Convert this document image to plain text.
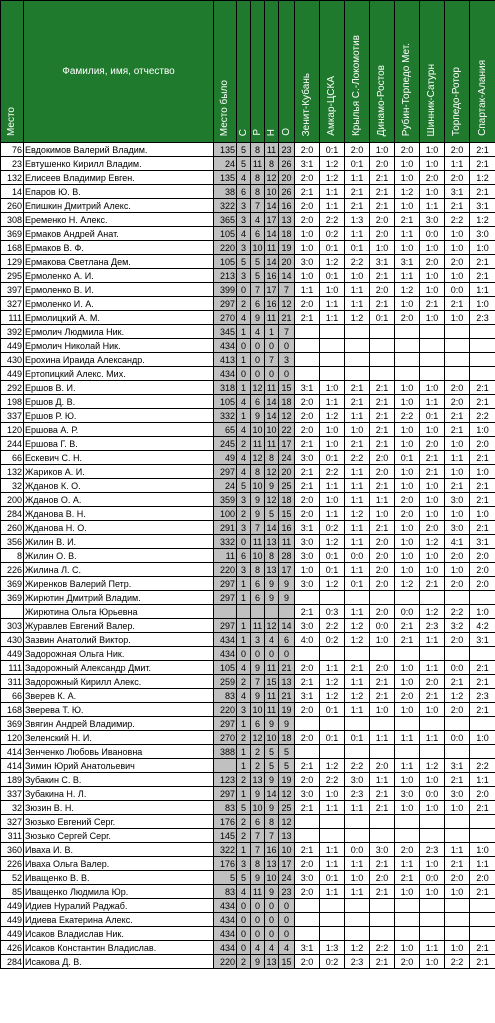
Место	Фамилия, имя, отчество	Место было	С	Р	Н	О	Зенит-Кубань	Амкар-ЦСКА	Крылья С.-Локомотив	Динамо-Ростов	Рубин-Торпедо Мет.	Шинник-Сатурн	Торпедо-Ротор	Спартак-Алания
76	Евдокимов Валерий Владим.	135	5	8	11	23	2:0	0:1	2:0	1:0	2:0	1:0	2:0	2:1
23	Евтушенко Кирилл Владим.	24	5	11	8	26	3:1	1:2	0:1	2:0	1:0	1:0	1:1	2:1
132	Елисеев Владимир Евген.	135	4	8	12	20	2:0	1:2	1:1	2:1	1:0	2:0	2:0	1:2
14	Епаров Ю. В.	38	6	8	10	26	2:1	1:1	2:1	2:1	1:2	1:0	3:1	2:1
260	Епишкин Дмитрий Алекс.	322	3	7	14	16	2:0	1:1	2:1	2:1	1:0	1:1	2:1	3:1
308	Еременко Н. Алекс.	365	3	4	17	13	2:0	2:2	1:3	2:0	2:1	3:0	2:2	1:2
369	Ермаков Андрей Анат.	105	4	6	14	18	1:0	0:2	1:1	2:0	1:1	0:0	1:0	3:0
168	Ермаков В. Ф.	220	3	10	11	19	1:0	0:1	0:1	1:0	1:0	1:0	1:0	1:0
129	Ермакова Светлана Дем.	105	5	5	14	20	3:0	1:2	2:2	3:1	3:1	2:0	2:0	2:1
295	Ермоленко А. И.	213	3	5	16	14	1:0	0:1	1:0	2:1	1:1	1:0	1:0	2:1
397	Ермоленко В. И.	399	0	7	17	7	1:1	1:0	1:1	2:0	1:2	1:0	0:0	1:1
327	Ермоленко И. А.	297	2	6	16	12	2:0	1:1	1:1	2:1	1:0	2:1	2:1	1:0
111	Ермолицкий А. М.	270	4	9	11	21	2:1	1:1	1:2	0:1	2:0	1:0	1:0	2:3
392	Ермолич Людмила Ник.	345	1	4	1	7								
449	Ермолич Николай Ник.	434	0	0	0	0								
430	Ерохина Ираида Александр.	413	1	0	7	3								
449	Ертопицкий Алекс. Мих.	434	0	0	0	0								
292	Ершов В. И.	318	1	12	11	15	3:1	1:0	2:1	2:1	1:0	1:0	2:0	2:1
198	Ершов Д. В.	105	4	6	14	18	2:0	1:1	2:1	2:1	1:0	1:1	2:0	2:1
337	Ершов Р. Ю.	332	1	9	14	12	2:0	1:2	1:1	2:1	2:2	0:1	2:1	2:2
120	Ершова А. Р.	65	4	10	10	22	2:0	1:0	1:0	2:1	1:0	1:0	2:1	1:0
244	Ершова Г. В.	245	2	11	11	17	2:1	1:0	2:1	2:1	1:0	2:0	1:0	2:0
66	Ескевич С. Н.	49	4	12	8	24	3:0	0:1	2:2	2:0	0:1	2:1	1:1	2:1
132	Жариков А. И.	297	4	8	12	20	2:1	2:2	1:1	2:0	1:0	2:1	1:0	1:0
32	Жданов К. О.	24	5	10	9	25	2:1	1:1	1:1	2:1	1:0	1:0	2:1	2:1
200	Жданов О. А.	359	3	9	12	18	2:0	1:0	1:1	1:1	2:0	1:0	3:0	2:1
284	Жданова В. Н.	100	2	9	5	15	2:0	1:1	1:2	1:0	2:0	1:0	1:0	1:0
260	Жданова Н. О.	291	3	7	14	16	3:1	0:2	1:1	2:1	1:0	2:0	3:0	2:1
356	Жилин В. И.	332	0	11	13	11	3:0	1:2	1:1	2:0	1:0	1:2	4:1	3:1
8	Жилин О. В.	11	6	10	8	28	3:0	0:1	0:0	2:0	1:0	1:0	2:0	2:0
226	Жилина Л. С.	220	3	8	13	17	1:0	0:1	1:1	2:0	1:0	1:0	1:0	2:0
369	Жиренков Валерий Петр.	297	1	6	9	9	3:0	1:2	0:1	2:0	1:2	2:1	2:0	2:0
369	Жирютин Дмитрий Владим.	297	1	6	9	9								
	Жирютина Ольга Юрьевна						2:1	0:3	1:1	2:0	0:0	1:2	2:2	1:0
303	Журавлев Евгений Валер.	297	1	11	12	14	3:0	2:2	1:2	0:0	2:1	2:3	3:2	4:2
430	Зазвин Анатолий Виктор.	434	1	3	4	6	4:0	0:2	1:2	1:0	2:1	1:1	2:0	3:1
449	Задорожная Ольга Ник.	434	0	0	0	0								
111	Задорожный Александр Дмит.	105	4	9	11	21	2:0	1:1	2:1	2:0	1:0	1:1	0:0	2:1
311	Задорожный Кирилл Алекс.	259	2	7	15	13	2:1	1:2	1:1	2:1	1:0	2:0	2:1	2:1
66	Зверев К. А.	83	4	9	11	21	3:1	1:2	1:2	2:1	2:0	2:1	1:2	2:3
168	Зверева Т. Ю.	220	3	10	11	19	2:0	0:1	1:1	1:0	1:0	1:0	2:0	2:1
369	Звягин Андрей Владимир.	297	1	6	9	9								
120	Зеленский Н. И.	270	2	12	10	18	2:0	0:1	0:1	1:1	1:1	1:1	0:0	1:0
414	Зенченко Любовь Ивановна	388	1	2	5	5								
414	Зимин Юрий Анатольевич		1	2	5	5	2:1	1:2	2:2	2:0	1:1	1:2	3:1	2:2
189	Зубакин С. В.	123	2	13	9	19	2:0	2:2	3:0	1:1	1:0	1:0	2:1	1:1
337	Зубакина Н. Л.	297	1	9	14	12	3:0	1:0	2:3	2:1	3:0	0:0	3:0	2:0
32	Зюзин В. Н.	83	5	10	9	25	2:1	1:1	1:1	2:1	1:0	1:0	1:0	2:1
327	Зюзько Евгений Серг.	176	2	6	8	12								
311	Зюзько Сергей Серг.	145	2	7	7	13								
360	Иваха И. В.	322	1	7	16	10	2:1	1:1	0:0	3:0	2:0	2:3	1:1	1:0
226	Иваха Ольга Валер.	176	3	8	13	17	2:0	1:1	1:1	2:1	1:1	1:0	2:1	1:1
52	Иващенко В. В.	5	5	9	10	24	3:0	0:1	1:0	2:0	2:1	0:0	2:0	2:0
85	Иващенко Людмила Юр.	83	4	11	9	23	2:0	1:1	1:1	2:1	1:0	1:0	1:0	2:1
449	Идиев Нуралий Раджаб.	434	0	0	0	0								
449	Идиева Екатерина Алекс.	434	0	0	0	0								
449	Исаков Владислав Ник.	434	0	0	0	0								
426	Исаков Константин Владислав.	434	0	4	4	4	3:1	1:3	1:2	2:2	1:0	1:1	1:0	2:1
284	Исакова Д. В.	220	2	9	13	15	2:0	0:2	2:3	2:1	2:0	1:0	2:2	2:1
